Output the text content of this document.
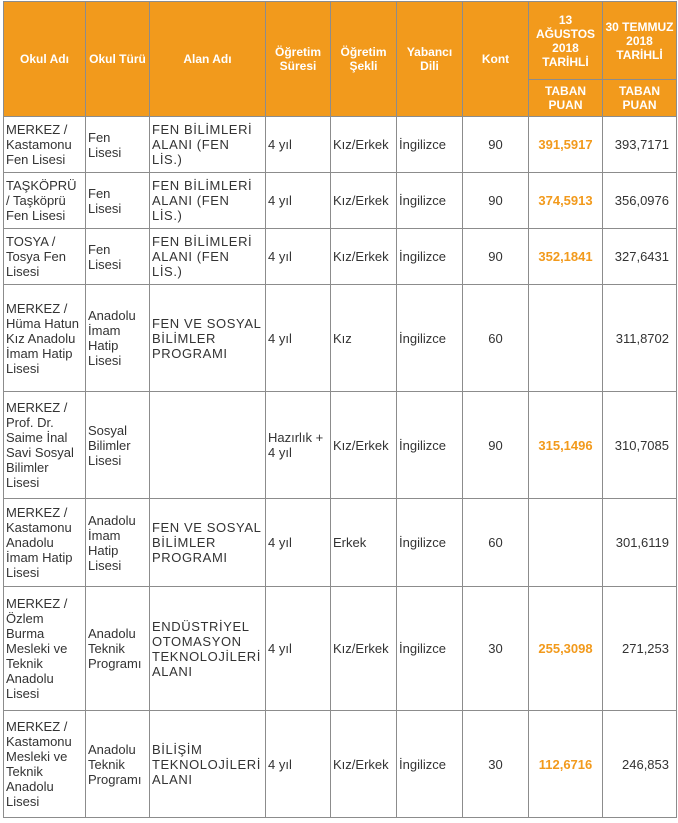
Okul Adı	Okul Türü	Alan Adı	Öğretim Süresi	Öğretim Şekli	Yabancı Dili	Kont	13 AĞUSTOS 2018 TARİHLİ	30 TEMMUZ 2018 TARİHLİ
							TABAN PUAN	TABAN PUAN
MERKEZ / Kastamonu Fen Lisesi	Fen Lisesi	FEN BİLİMLERİ ALANI (FEN LİS.)	4 yıl	Kız/Erkek	İngilizce	90	391,5917	393,7171
TAŞKÖPRÜ / Taşköprü Fen Lisesi	Fen Lisesi	FEN BİLİMLERİ ALANI (FEN LİS.)	4 yıl	Kız/Erkek	İngilizce	90	374,5913	356,0976
TOSYA / Tosya Fen Lisesi	Fen Lisesi	FEN BİLİMLERİ ALANI (FEN LİS.)	4 yıl	Kız/Erkek	İngilizce	90	352,1841	327,6431
MERKEZ / Hüma Hatun Kız Anadolu İmam Hatip Lisesi	Anadolu İmam Hatip Lisesi	FEN VE SOSYAL BİLİMLER PROGRAMI	4 yıl	Kız	İngilizce	60		311,8702
MERKEZ / Prof. Dr. Saime İnal Savi Sosyal Bilimler Lisesi	Sosyal Bilimler Lisesi		Hazırlık + 4 yıl	Kız/Erkek	İngilizce	90	315,1496	310,7085
MERKEZ / Kastamonu Anadolu İmam Hatip Lisesi	Anadolu İmam Hatip Lisesi	FEN VE SOSYAL BİLİMLER PROGRAMI	4 yıl	Erkek	İngilizce	60		301,6119
MERKEZ / Özlem Burma Mesleki ve Teknik Anadolu Lisesi	Anadolu Teknik Programı	ENDÜSTRİYEL OTOMASYON TEKNOLOJİLERİ ALANI	4 yıl	Kız/Erkek	İngilizce	30	255,3098	271,253
MERKEZ / Kastamonu Mesleki ve Teknik Anadolu Lisesi	Anadolu Teknik Programı	BİLİŞİM TEKNOLOJİLERİ ALANI	4 yıl	Kız/Erkek	İngilizce	30	112,6716	246,853
